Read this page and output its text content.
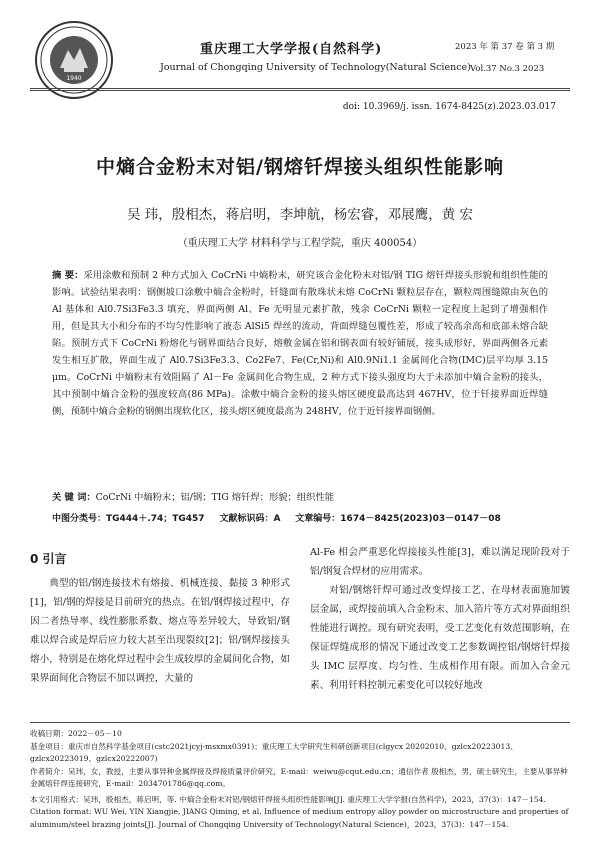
1940
重庆理工大学学报(自然科学)
Journal of Chongqing University of Technology(Natural Science)
2023 年 第 37 卷 第 3 期
Vol.37 No.3 2023
doi: 10.3969/j. issn. 1674-8425(z).2023.03.017
中熵合金粉末对铝/钢熔钎焊接头组织性能影响
吴 玮，殷相杰，蒋启明，李坤航，杨宏睿，邓展鹰，黄 宏
（重庆理工大学 材料科学与工程学院，重庆 400054）
摘 要：采用涂敷和预制 2 种方式加入 CoCrNi 中熵粉末，研究该合金化粉末对铝/钢 TIG 熔钎焊接头形貌和组织性能的影响。试验结果表明：钢侧坡口涂敷中熵合金粉时，钎缝面有散珠状未熔 CoCrNi 颗粒层存在，颗粒周围缝隙由灰色的 Al 基体和 Al0.7Si3Fe3.3 填充，界面两侧 Al、Fe 无明显元素扩散，残余 CoCrNi 颗粒一定程度上起到了增强相作用，但是其大小和分布的不均匀性影响了液态 AlSi5 焊丝的流动，背面焊缝包覆性差，形成了较高余高和底部未熔合缺陷。预制方式下 CoCrNi 粉熔化与钢界面结合良好，熔敷金属在铝和钢表面有较好铺展，接头成形好，界面两侧各元素发生相互扩散，界面生成了 Al0.7Si3Fe3.3、Co2Fe7、Fe(Cr,Ni)和 Al0.9Ni1.1 金属间化合物(IMC)层平均厚 3.15 μm。CoCrNi 中熵粉末有效阻隔了 Al－Fe 金属间化合物生成，2 种方式下接头强度均大于未添加中熵合金粉的接头，其中预制中熵合金粉的强度较高(86 MPa)。涂敷中熵合金粉的接头熔区硬度最高达到 467HV，位于钎接界面近焊缝侧，预制中熵合金粉的钢侧出现软化区，接头熔区硬度最高为 248HV，位于近钎接界面钢侧。
关 键 词：CoCrNi 中熵粉末；铝/钢；TIG 熔钎焊；形貌；组织性能
中图分类号：TG444＋.74；TG457 文献标识码：A 文章编号：1674－8425(2023)03－0147－08
0 引言

典型的铝/钢连接技术有熔接、机械连接、黏接 3 种形式[1]，铝/钢的焊接是目前研究的热点。在铝/钢焊接过程中，存因二者热导率、线性膨胀系数、熔点等差异较大，导致铝/钢难以焊合或是焊后应力较大甚至出现裂纹[2]；铝/钢焊接接头熔小，特别是在熔化焊过程中会生成较厚的金属间化合物，如果界面间化合物层不加以调控，大量的

Al-Fe 相会严重恶化焊接接头性能[3]，难以满足现阶段对于铝/钢复合焊材的应用需求。

对铝/钢熔钎焊可通过改变焊接工艺、在母材表面施加镀层金属，或焊接前填入合金粉末、加入箔片等方式对界面组织性能进行调控。现有研究表明，受工艺变化有效范围影响，在保证焊缝成形的情况下通过改变工艺参数调控铝/钢熔钎焊接头 IMC 层厚度、均匀性、生成相作用有限。而加入合金元素、利用钎料控制元素变化可以较好地改

收稿日期：2022－05－10

基金项目：重庆市自然科学基金项目(cstc2021jcyj-msxmx0391)；重庆理工大学研究生科研创新项目(clgycx 20202010、gzlcx20223013、gzlcx20223019、gzlcx20222007)

作者简介：吴玮，女，教授，主要从事异种金属焊接及焊接质量评价研究，E-mail：weiwu@cqut.edu.cn；通信作者 殷相杰，男，硕士研究生，主要从事异种金属熔钎焊连接研究，E-mail：2034701786@qq.com。

本文引用格式：吴玮，殷相杰，蒋启明，等. 中熵合金粉末对铝/钢熔钎焊接头组织性能影响[J]. 重庆理工大学学报(自然科学)，2023，37(3)：147－154.

Citation format: WU Wei, YIN Xiangjie, JIANG Qiming, et al. Influence of medium entropy alloy powder on microstructure and properties of aluminum/steel brazing joints[J]. Journal of Chongqing University of Technology(Natural Science)，2023，37(3)：147－154.
